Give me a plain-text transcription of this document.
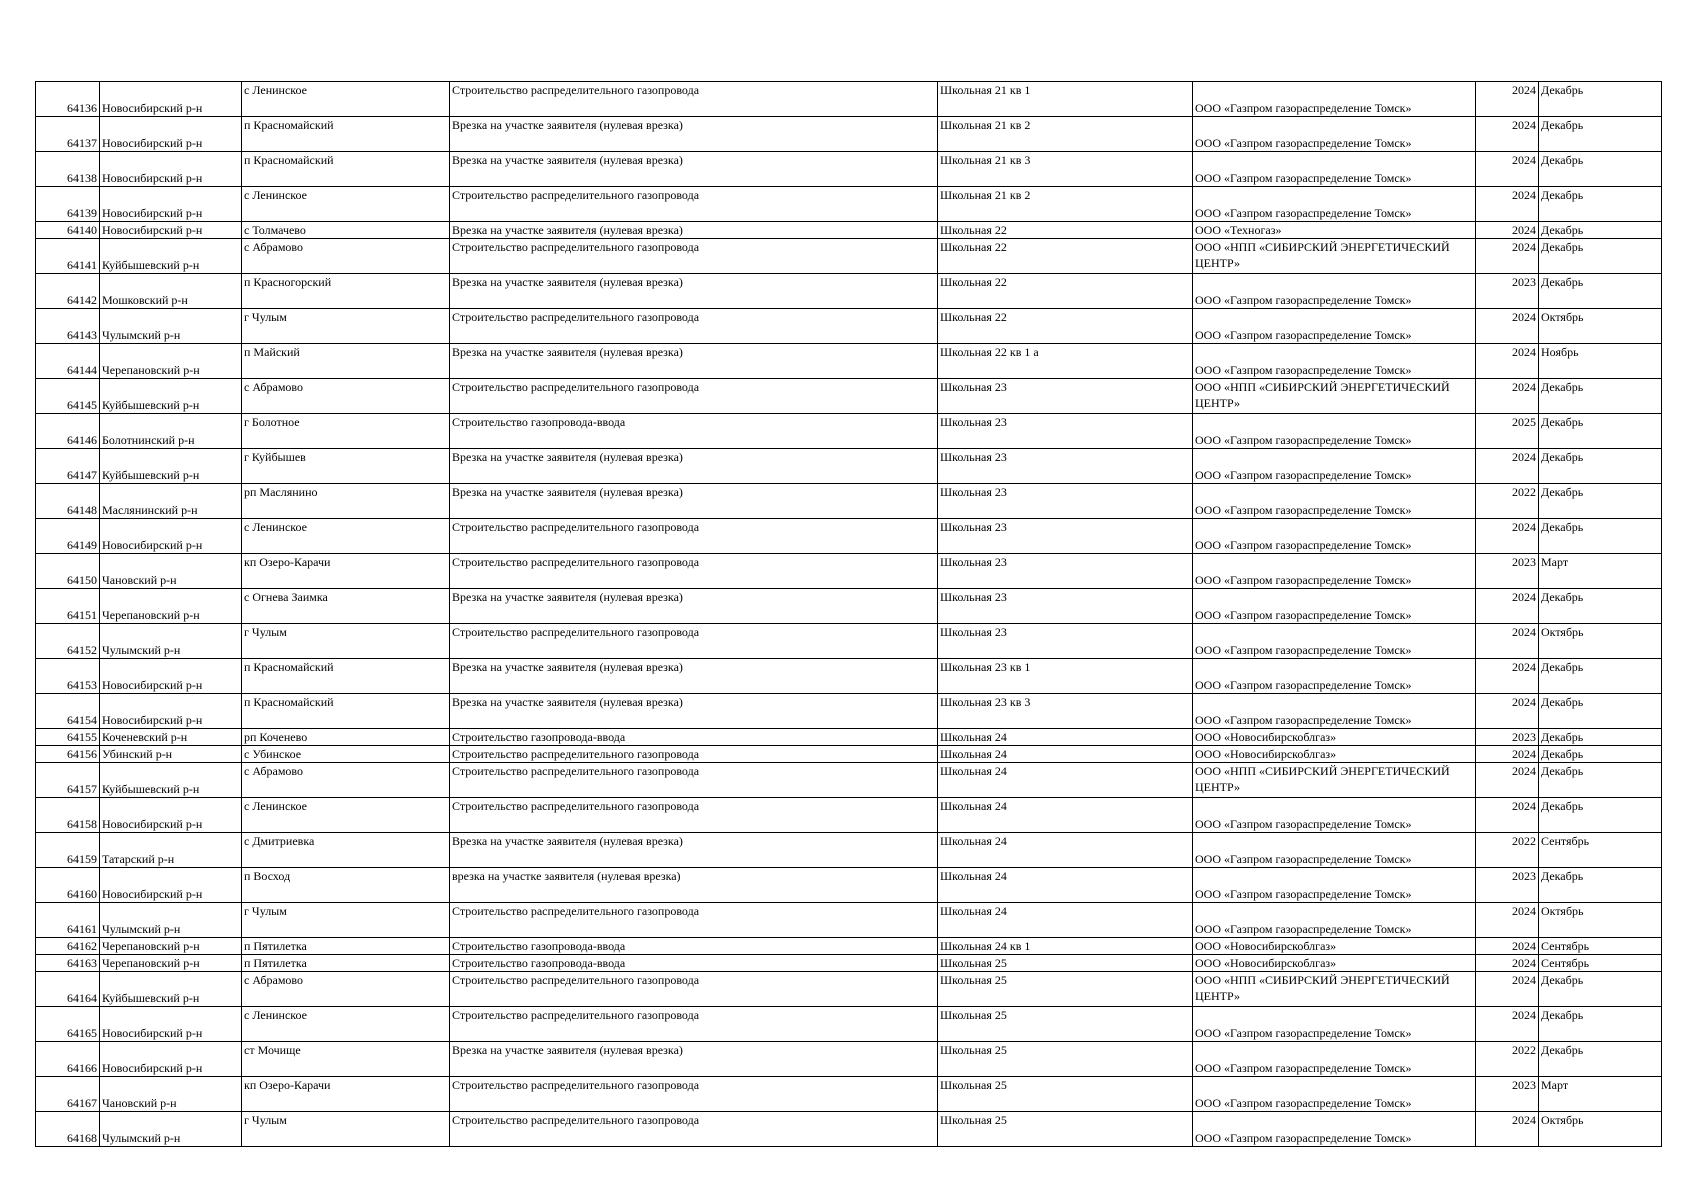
64136	Новосибирский р-н	с Ленинское	Строительство распределительного газопровода	Школьная 21 кв 1	ООО «Газпром газораспределение Томск»	2024	Декабрь
64137	Новосибирский р-н	п Красномайский	Врезка на участке заявителя (нулевая врезка)	Школьная 21 кв 2	ООО «Газпром газораспределение Томск»	2024	Декабрь
64138	Новосибирский р-н	п Красномайский	Врезка на участке заявителя (нулевая врезка)	Школьная 21 кв 3	ООО «Газпром газораспределение Томск»	2024	Декабрь
64139	Новосибирский р-н	с Ленинское	Строительство распределительного газопровода	Школьная 21 кв 2	ООО «Газпром газораспределение Томск»	2024	Декабрь
64140	Новосибирский р-н	с Толмачево	Врезка на участке заявителя (нулевая врезка)	Школьная 22	ООО «Техногаз»	2024	Декабрь
64141	Куйбышевский р-н	с Абрамово	Строительство распределительного газопровода	Школьная 22	ООО «НПП «СИБИРСКИЙ ЭНЕРГЕТИЧЕСКИЙ ЦЕНТР»	2024	Декабрь
64142	Мошковский р-н	п Красногорский	Врезка на участке заявителя (нулевая врезка)	Школьная 22	ООО «Газпром газораспределение Томск»	2023	Декабрь
64143	Чулымский р-н	г Чулым	Строительство распределительного газопровода	Школьная 22	ООО «Газпром газораспределение Томск»	2024	Октябрь
64144	Черепановский р-н	п Майский	Врезка на участке заявителя (нулевая врезка)	Школьная 22 кв 1 а	ООО «Газпром газораспределение Томск»	2024	Ноябрь
64145	Куйбышевский р-н	с Абрамово	Строительство распределительного газопровода	Школьная 23	ООО «НПП «СИБИРСКИЙ ЭНЕРГЕТИЧЕСКИЙ ЦЕНТР»	2024	Декабрь
64146	Болотнинский р-н	г Болотное	Строительство газопровода-ввода	Школьная 23	ООО «Газпром газораспределение Томск»	2025	Декабрь
64147	Куйбышевский р-н	г Куйбышев	Врезка на участке заявителя (нулевая врезка)	Школьная 23	ООО «Газпром газораспределение Томск»	2024	Декабрь
64148	Маслянинский р-н	рп Маслянино	Врезка на участке заявителя (нулевая врезка)	Школьная 23	ООО «Газпром газораспределение Томск»	2022	Декабрь
64149	Новосибирский р-н	с Ленинское	Строительство распределительного газопровода	Школьная 23	ООО «Газпром газораспределение Томск»	2024	Декабрь
64150	Чановский р-н	кп Озеро-Карачи	Строительство распределительного газопровода	Школьная 23	ООО «Газпром газораспределение Томск»	2023	Март
64151	Черепановский р-н	с Огнева Заимка	Врезка на участке заявителя (нулевая врезка)	Школьная 23	ООО «Газпром газораспределение Томск»	2024	Декабрь
64152	Чулымский р-н	г Чулым	Строительство распределительного газопровода	Школьная 23	ООО «Газпром газораспределение Томск»	2024	Октябрь
64153	Новосибирский р-н	п Красномайский	Врезка на участке заявителя (нулевая врезка)	Школьная 23 кв 1	ООО «Газпром газораспределение Томск»	2024	Декабрь
64154	Новосибирский р-н	п Красномайский	Врезка на участке заявителя (нулевая врезка)	Школьная 23 кв 3	ООО «Газпром газораспределение Томск»	2024	Декабрь
64155	Коченевский р-н	рп Коченево	Строительство газопровода-ввода	Школьная 24	ООО «Новосибирскоблгаз»	2023	Декабрь
64156	Убинский р-н	с Убинское	Строительство распределительного газопровода	Школьная 24	ООО «Новосибирскоблгаз»	2024	Декабрь
64157	Куйбышевский р-н	с Абрамово	Строительство распределительного газопровода	Школьная 24	ООО «НПП «СИБИРСКИЙ ЭНЕРГЕТИЧЕСКИЙ ЦЕНТР»	2024	Декабрь
64158	Новосибирский р-н	с Ленинское	Строительство распределительного газопровода	Школьная 24	ООО «Газпром газораспределение Томск»	2024	Декабрь
64159	Татарский р-н	с Дмитриевка	Врезка на участке заявителя (нулевая врезка)	Школьная 24	ООО «Газпром газораспределение Томск»	2022	Сентябрь
64160	Новосибирский р-н	п Восход	врезка на участке заявителя (нулевая врезка)	Школьная 24	ООО «Газпром газораспределение Томск»	2023	Декабрь
64161	Чулымский р-н	г Чулым	Строительство распределительного газопровода	Школьная 24	ООО «Газпром газораспределение Томск»	2024	Октябрь
64162	Черепановский р-н	п Пятилетка	Строительство газопровода-ввода	Школьная 24 кв 1	ООО «Новосибирскоблгаз»	2024	Сентябрь
64163	Черепановский р-н	п Пятилетка	Строительство газопровода-ввода	Школьная 25	ООО «Новосибирскоблгаз»	2024	Сентябрь
64164	Куйбышевский р-н	с Абрамово	Строительство распределительного газопровода	Школьная 25	ООО «НПП «СИБИРСКИЙ ЭНЕРГЕТИЧЕСКИЙ ЦЕНТР»	2024	Декабрь
64165	Новосибирский р-н	с Ленинское	Строительство распределительного газопровода	Школьная 25	ООО «Газпром газораспределение Томск»	2024	Декабрь
64166	Новосибирский р-н	ст Мочище	Врезка на участке заявителя (нулевая врезка)	Школьная 25	ООО «Газпром газораспределение Томск»	2022	Декабрь
64167	Чановский р-н	кп Озеро-Карачи	Строительство распределительного газопровода	Школьная 25	ООО «Газпром газораспределение Томск»	2023	Март
64168	Чулымский р-н	г Чулым	Строительство распределительного газопровода	Школьная 25	ООО «Газпром газораспределение Томск»	2024	Октябрь
